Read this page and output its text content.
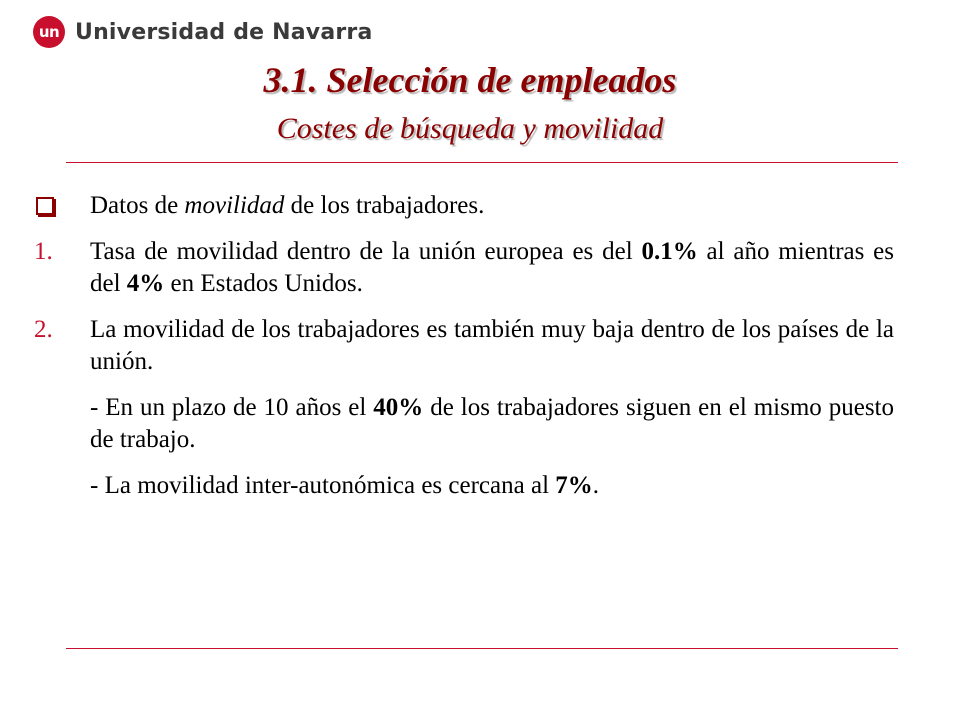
un Universidad de Navarra
3.1. Selección de empleados
Costes de búsqueda y movilidad
Datos de movilidad de los trabajadores.
1. Tasa de movilidad dentro de la unión europea es del 0.1% al año mientras es del 4% en Estados Unidos.
2. La movilidad de los trabajadores es también muy baja dentro de los países de la unión.
- En un plazo de 10 años el 40% de los trabajadores siguen en el mismo puesto de trabajo.
- La movilidad inter-autonómica es cercana al 7%.
